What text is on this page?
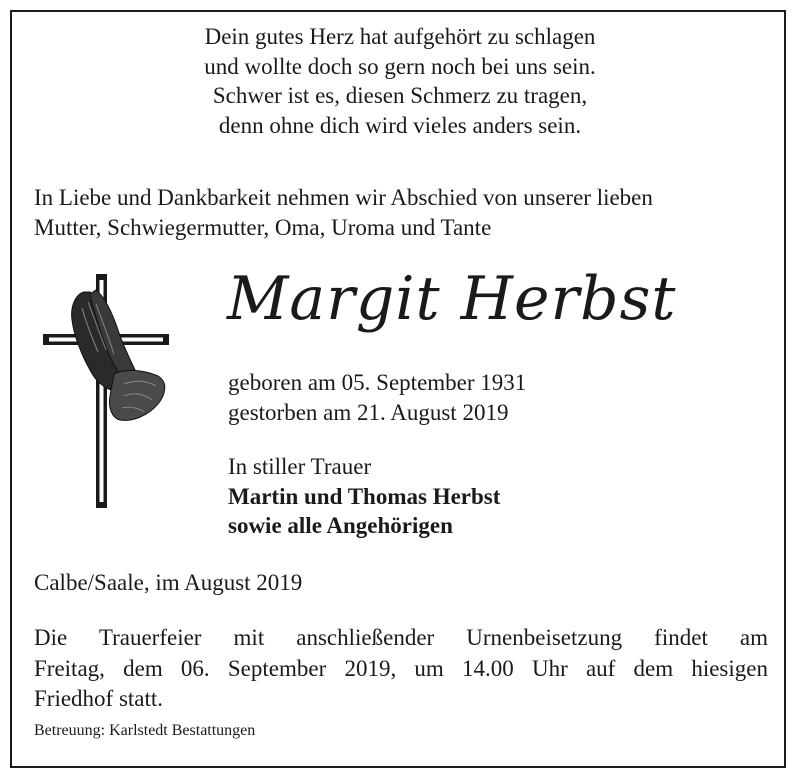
Dein gutes Herz hat aufgehört zu schlagen
und wollte doch so gern noch bei uns sein.
Schwer ist es, diesen Schmerz zu tragen,
denn ohne dich wird vieles anders sein.
In Liebe und Dankbarkeit nehmen wir Abschied von unserer lieben
Mutter, Schwiegermutter, Oma, Uroma und Tante
Margit Herbst
geboren am 05. September 1931
gestorben am 21. August 2019
In stiller Trauer
Martin und Thomas Herbst
sowie alle Angehörigen
Calbe/Saale, im August 2019
Die Trauerfeier mit anschließender Urnenbeisetzung findet am
Freitag, dem 06. September 2019, um 14.00 Uhr auf dem hiesigen
Friedhof statt.
Betreuung: Karlstedt Bestattungen
